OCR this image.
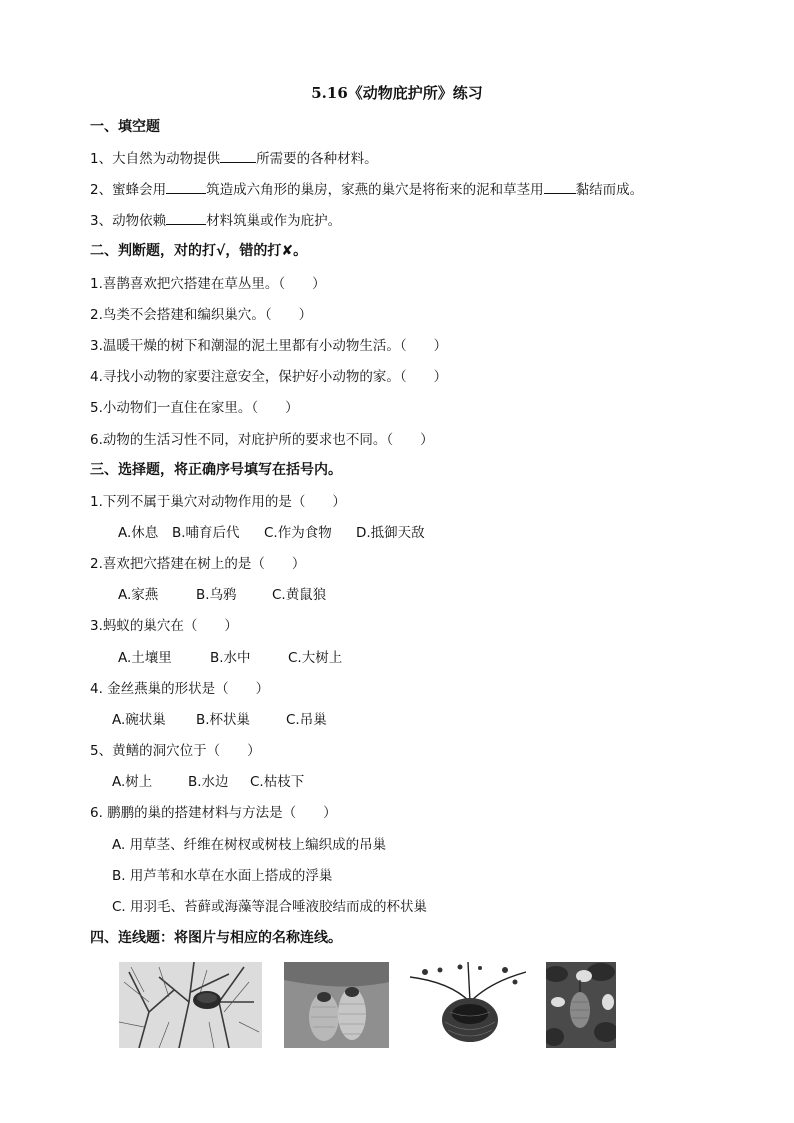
5.16《动物庇护所》练习
一、填空题
1、大自然为动物提供	所需要的各种材料。
2、蜜蜂会用	筑造成六角形的巢房，家燕的巢穴是将衔来的泥和草茎用 黏结而成。
3、动物依赖	材料筑巢或作为庇护。
二、判断题，对的打√，错的打✘。
1.喜鹊喜欢把穴搭建在草丛里。（　　）
2.鸟类不会搭建和编织巢穴。（　　）
3.温暖干燥的树下和潮湿的泥土里都有小动物生活。（　　）
4.寻找小动物的家要注意安全，保护好小动物的家。（　　）
5.小动物们一直住在家里。（　　）
6.动物的生活习性不同，对庇护所的要求也不同。（　　）
三、选择题，将正确序号填写在括号内。
1.下列不属于巢穴对动物作用的是（　　）
A.休息 B.哺育后代 C.作为食物 D.抵御天敌
2.喜欢把穴搭建在树上的是（　　）
A.家燕	B.乌鸦	C.黄鼠狼
3.蚂蚁的巢穴在（　　）
A.土壤里	B.水中	C.大树上
4. 金丝燕巢的形状是（　　）
A.碗状巢 B.杯状巢	C.吊巢
5、黄鳝的洞穴位于（　　）
A.树上	B.水边 C.枯枝下
6. 鹏鹏的巢的搭建材料与方法是（　　）
A. 用草茎、纤维在树杈或树枝上编织成的吊巢
B. 用芦苇和水草在水面上搭成的浮巢
C. 用羽毛、苔藓或海藻等混合唾液胶结而成的杯状巢
四、连线题：将图片与相应的名称连线。
